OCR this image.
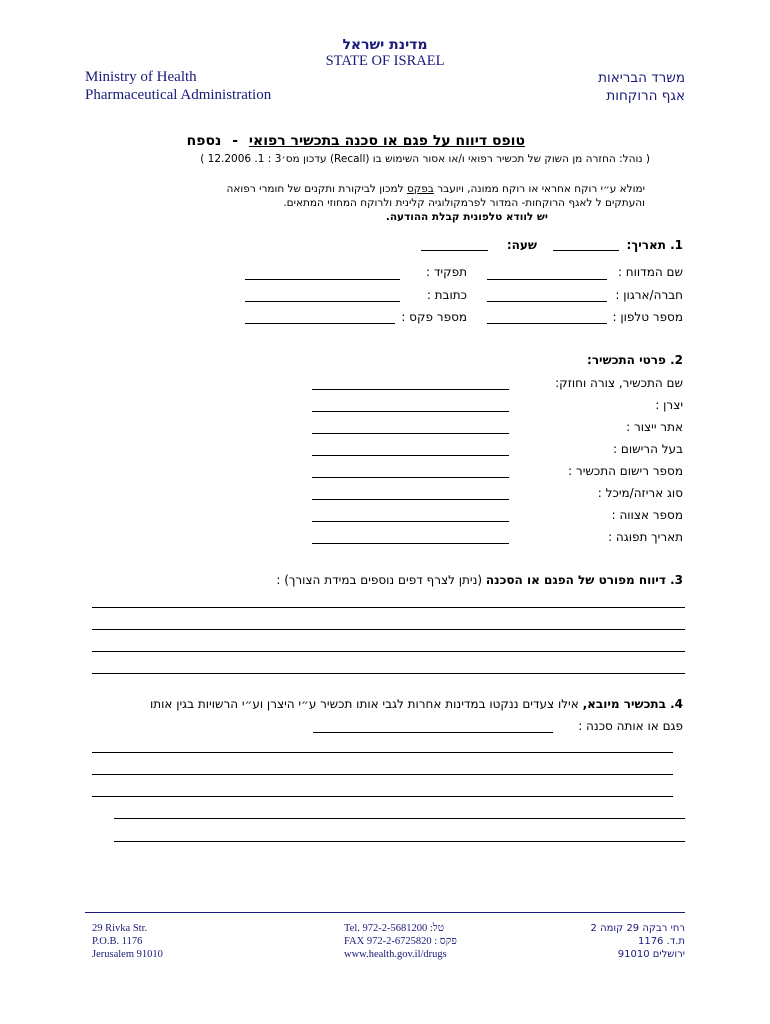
מדינת ישראל
STATE OF ISRAEL
Ministry of Health
Pharmaceutical Administration
משרד הבריאות
אגף הרוקחות
טופס דיווח על פגם או סכנה בתכשיר רפואי - נספח
( נוהל: החזרה מן השוק של תכשיר רפואי ו/או אסור השימוש בו (Recall) עדכון מס׳3 : 1. 12.2006 )
ימולא ע״י רוקח אחראי או רוקח ממונה, ויועבר בפקס למכון לביקורת ותקנים של חומרי רפואה
והעתקים ל לאגף הרוקחות- המדור לפרמקולוגיה קלינית ולרוקח המחוזי המתאים.
יש לוודא טלפונית קבלת ההודעה.
1. תאריך:
שעה:
שם המדווח :
תפקיד :
חברה/ארגון :
כתובת :
מספר טלפון :
מספר פקס :
2. פרטי התכשיר:
שם התכשיר, צורה וחוזק:
יצרן :
אתר ייצור :
בעל הרישום :
מספר רישום התכשיר :
סוג אריזה/מיכל :
מספר אצווה :
תאריך תפוגה :
3. דיווח מפורט של הפגם או הסכנה (ניתן לצרף דפים נוספים במידת הצורך) :
4. בתכשיר מיובא, אילו צעדים ננקטו במדינות אחרות לגבי אותו תכשיר ע״י היצרן וע״י הרשויות בגין אותו
פגם או אותה סכנה :
29 Rivka Str.
P.O.B. 1176
Jerusalem 91010
Tel. 972-2-5681200 :טל
FAX 972-2-6725820 : פקס
www.health.gov.il/drugs
רחי רבקה 29 קומה 2
ת.ד. 1176
ירושלים 91010
